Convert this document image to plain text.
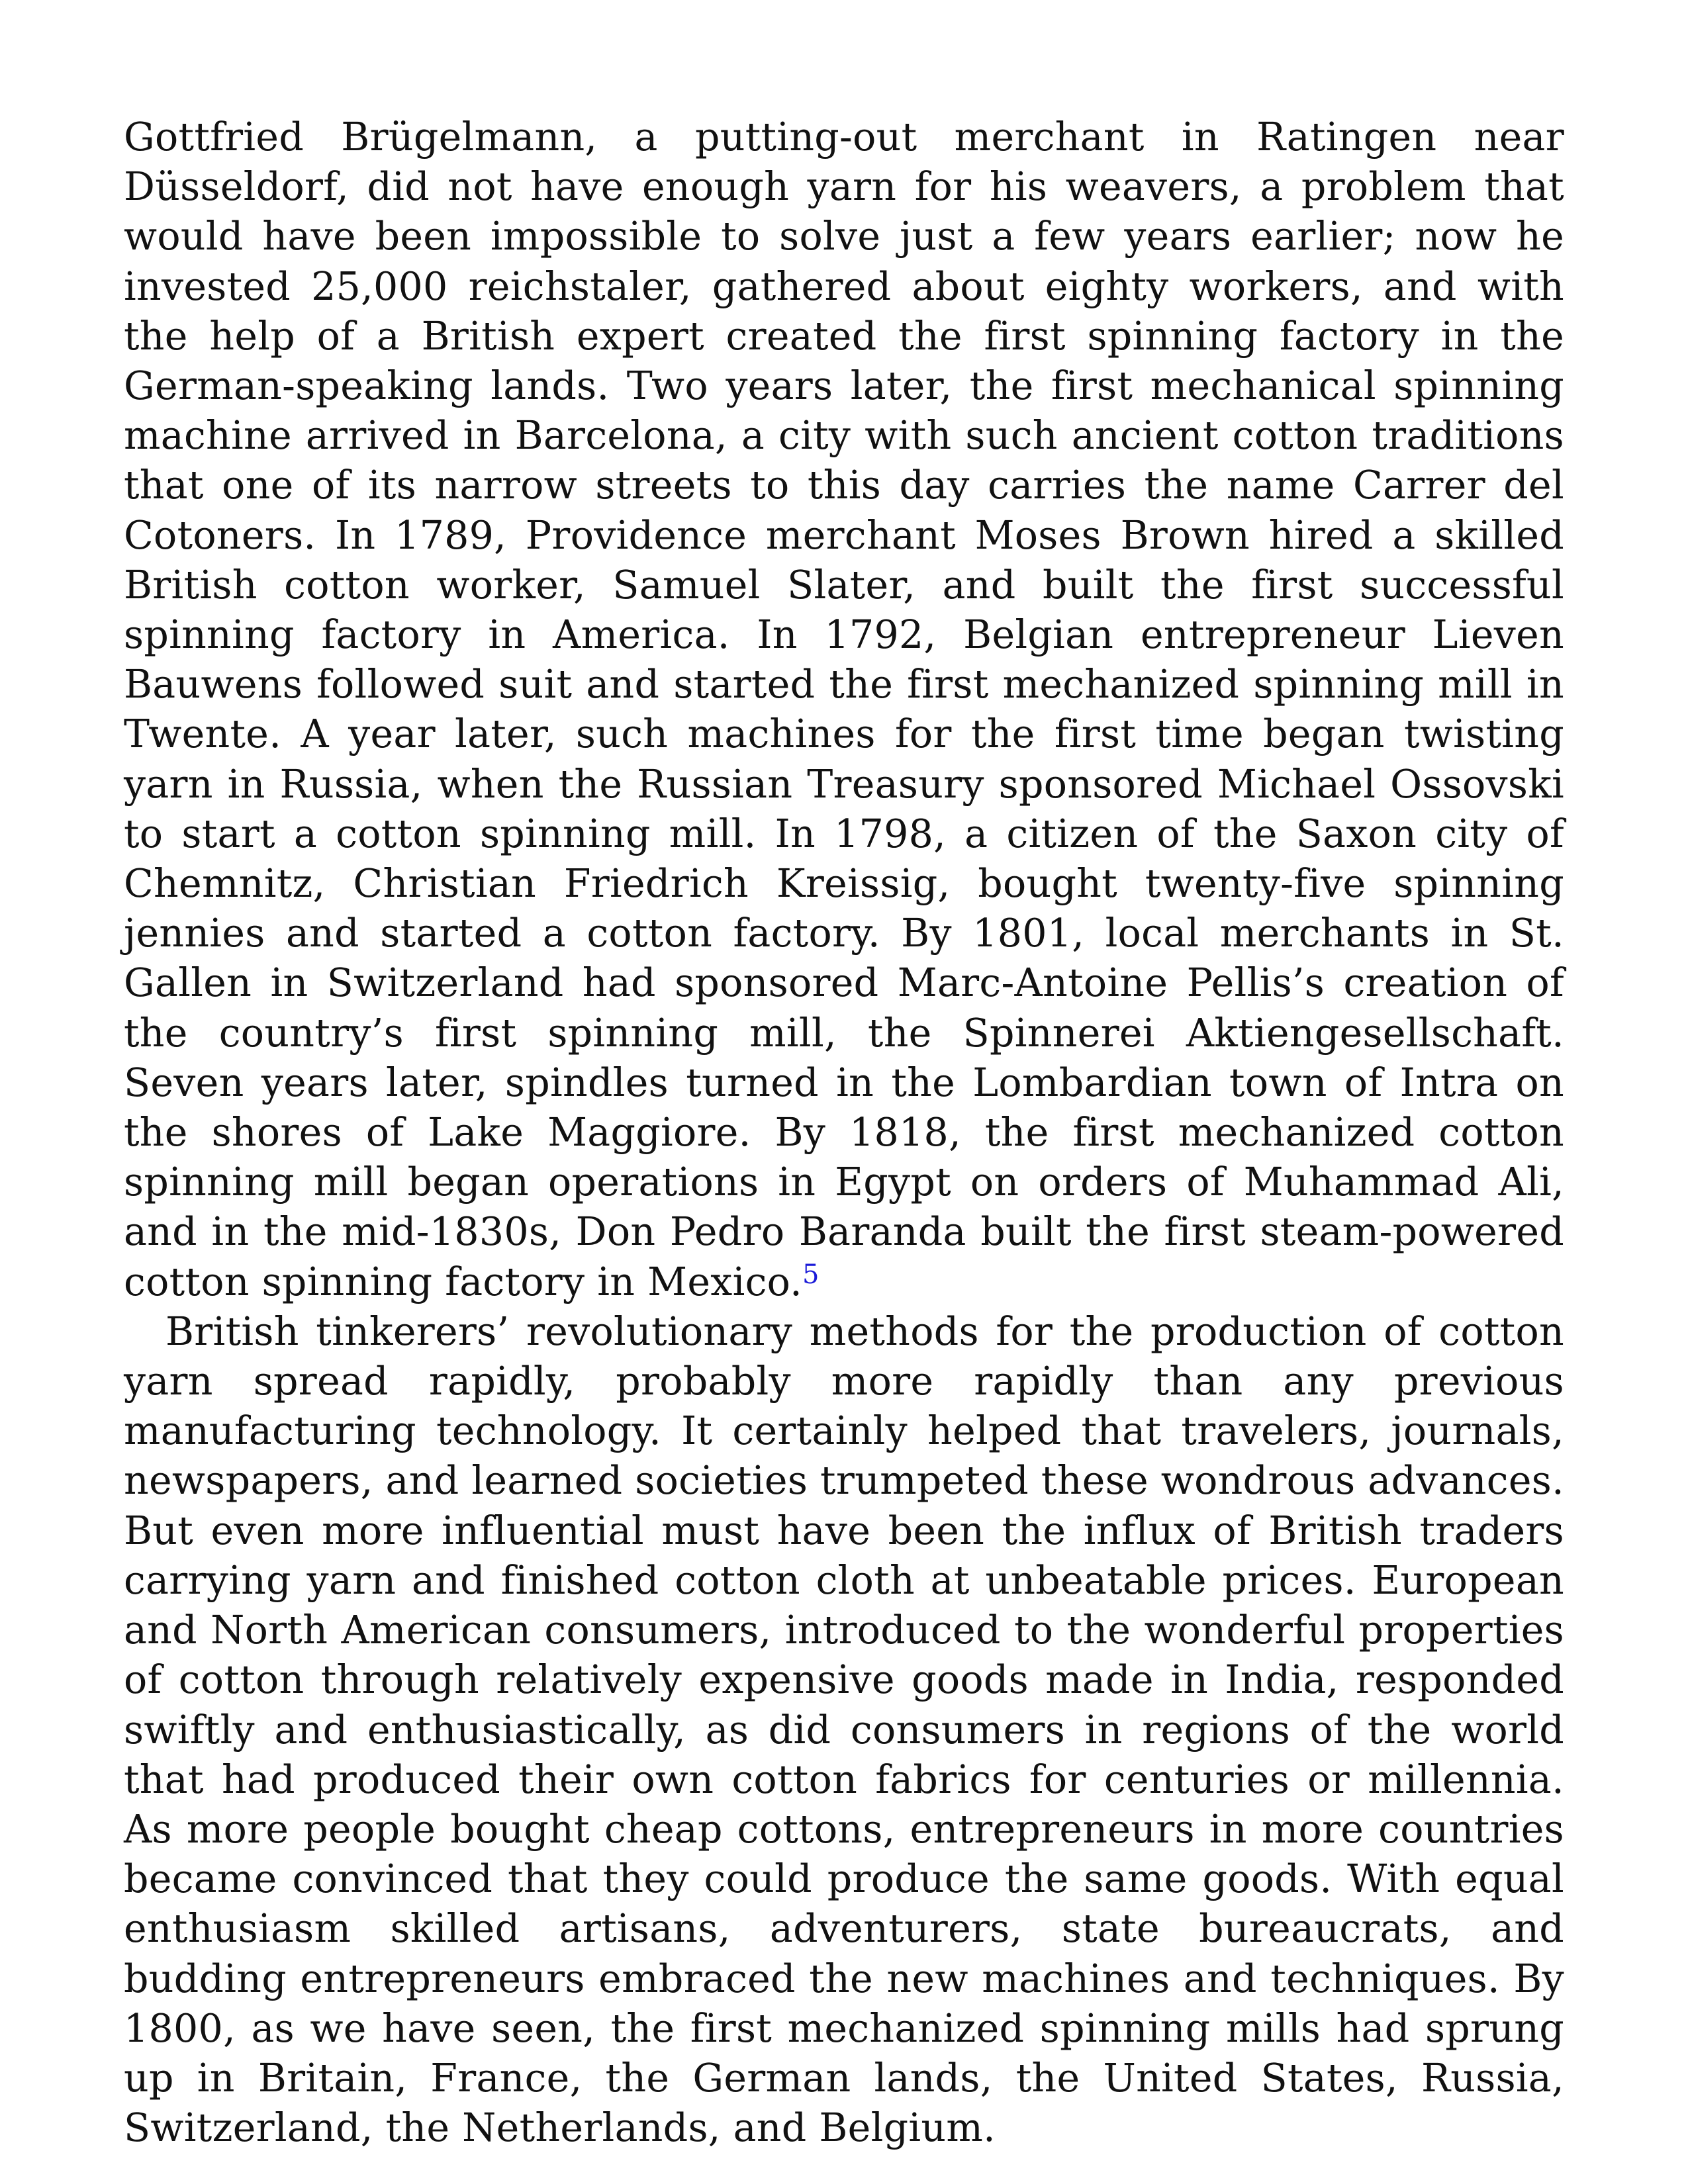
Gottfried Brügelmann, a putting-out merchant in Ratingen near Düsseldorf, did not have enough yarn for his weavers, a problem that would have been impossible to solve just a few years earlier; now he invested 25,000 reichstaler, gathered about eighty workers, and with the help of a British expert created the first spinning factory in the German-speaking lands. Two years later, the first mechanical spinning machine arrived in Barcelona, a city with such ancient cotton traditions that one of its narrow streets to this day carries the name Carrer del Cotoners. In 1789, Providence merchant Moses Brown hired a skilled British cotton worker, Samuel Slater, and built the first successful spinning factory in America. In 1792, Belgian entrepreneur Lieven Bauwens followed suit and started the first mechanized spinning mill in Twente. A year later, such machines for the first time began twisting yarn in Russia, when the Russian Treasury sponsored Michael Ossovski to start a cotton spinning mill. In 1798, a citizen of the Saxon city of Chemnitz, Christian Friedrich Kreissig, bought twenty-five spinning jennies and started a cotton factory. By 1801, local merchants in St. Gallen in Switzerland had sponsored Marc-Antoine Pellis’s creation of the country’s first spinning mill, the Spinnerei Aktiengesellschaft. Seven years later, spindles turned in the Lombardian town of Intra on the shores of Lake Maggiore. By 1818, the first mechanized cotton spinning mill began operations in Egypt on orders of Muhammad Ali, and in the mid-1830s, Don Pedro Baranda built the first steam-powered cotton spinning factory in Mexico.$^5$

British tinkerers’ revolutionary methods for the production of cotton yarn spread rapidly, probably more rapidly than any previous manufacturing technology. It certainly helped that travelers, journals, newspapers, and learned societies trumpeted these wondrous advances. But even more influential must have been the influx of British traders carrying yarn and finished cotton cloth at unbeatable prices. European and North American consumers, introduced to the wonderful properties of cotton through relatively expensive goods made in India, responded swiftly and enthusiastically, as did consumers in regions of the world that had produced their own cotton fabrics for centuries or millennia. As more people bought cheap cottons, entrepreneurs in more countries became convinced that they could produce the same goods. With equal enthusiasm skilled artisans, adventurers, state bureaucrats, and budding entrepreneurs embraced the new machines and techniques. By 1800, as we have seen, the first mechanized spinning mills had sprung up in Britain, France, the German lands, the United States, Russia, Switzerland, the Netherlands, and Belgium.
